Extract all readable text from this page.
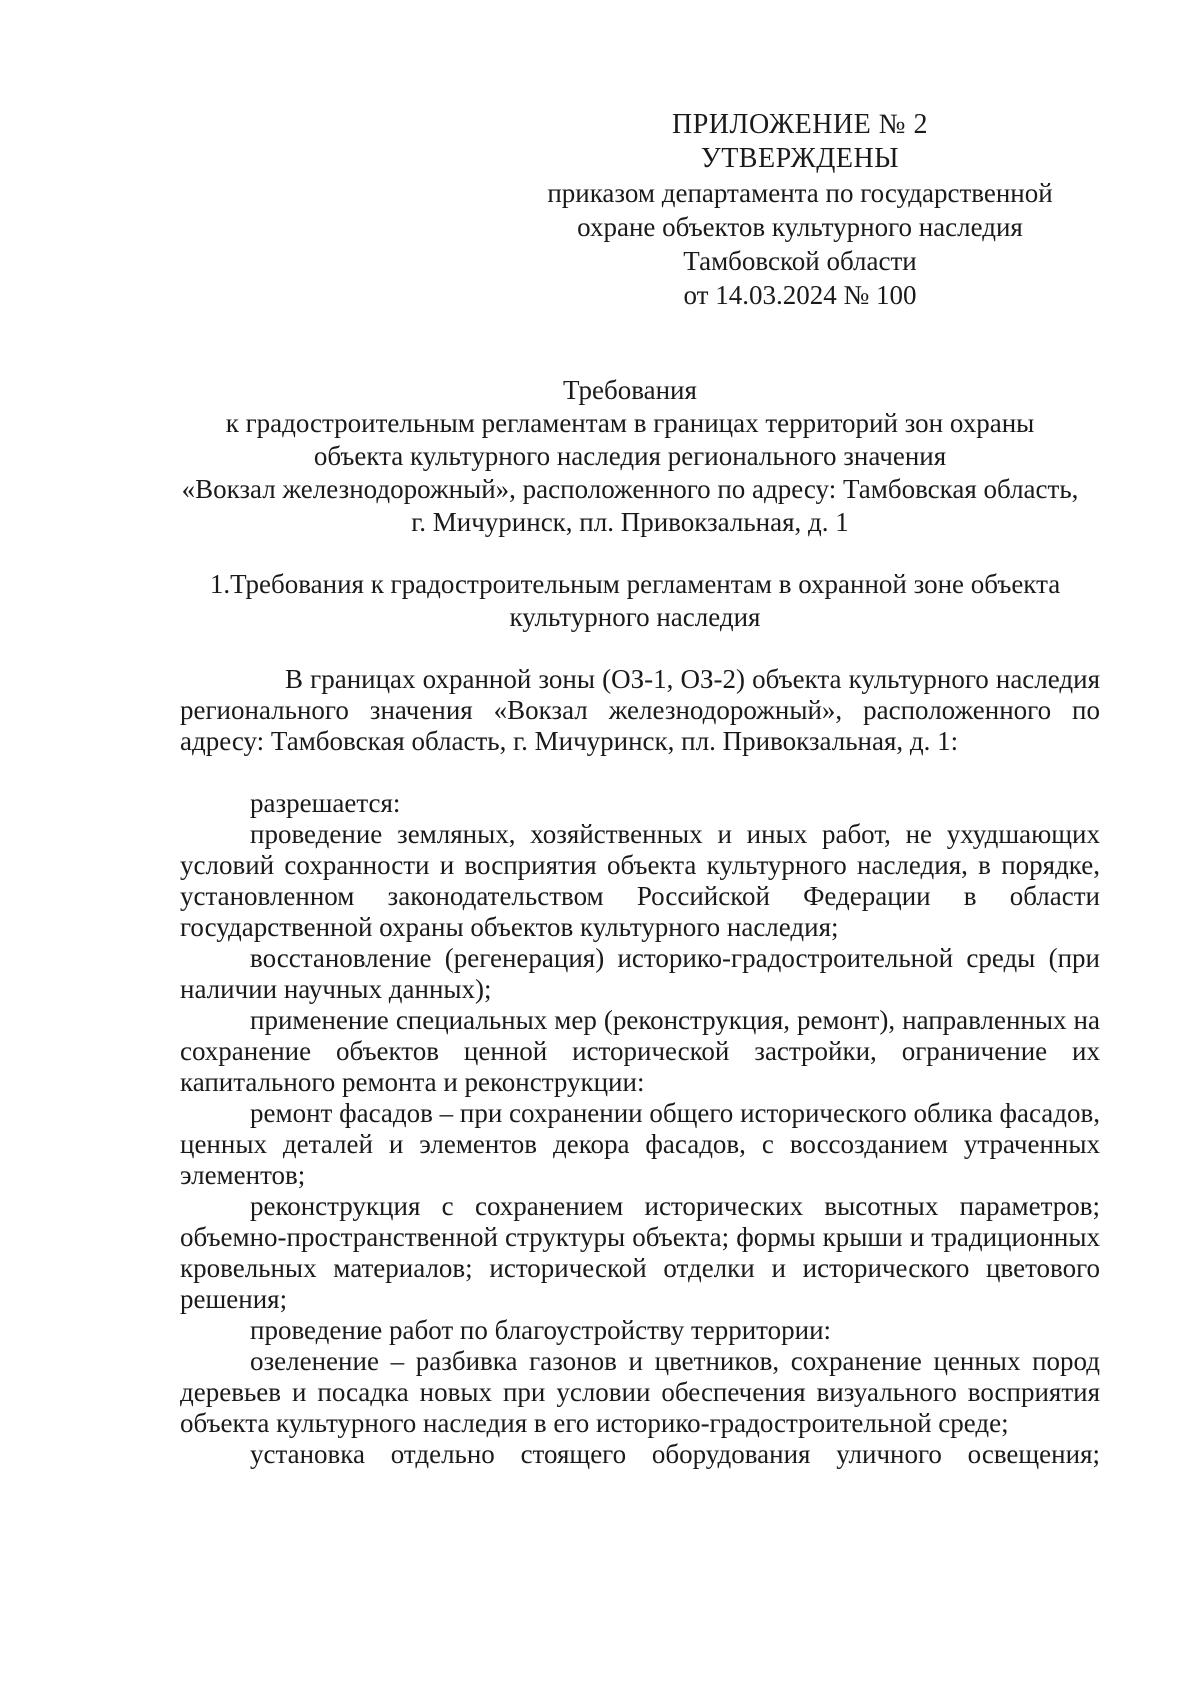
ПРИЛОЖЕНИЕ № 2
УТВЕРЖДЕНЫ
приказом департамента по государственной
охране объектов культурного наследия
Тамбовской области
от 14.03.2024 № 100
Требования
к градостроительным регламентам в границах территорий зон охраны
объекта культурного наследия регионального значения
«Вокзал железнодорожный», расположенного по адресу: Тамбовская область,
г. Мичуринск, пл. Привокзальная, д. 1
1.Требования к градостроительным регламентам в охранной зоне объекта
культурного наследия

В границах охранной зоны (ОЗ-1, ОЗ-2) объекта культурного наследия регионального значения «Вокзал железнодорожный», расположенного по адресу: Тамбовская область, г. Мичуринск, пл. Привокзальная, д. 1:

разрешается:

проведение земляных, хозяйственных и иных работ, не ухудшающих условий сохранности и восприятия объекта культурного наследия, в порядке, установленном законодательством Российской Федерации в области государственной охраны объектов культурного наследия;

восстановление (регенерация) историко-градостроительной среды (при наличии научных данных);

применение специальных мер (реконструкция, ремонт), направленных на сохранение объектов ценной исторической застройки, ограничение их капитального ремонта и реконструкции:

ремонт фасадов – при сохранении общего исторического облика фасадов, ценных деталей и элементов декора фасадов, с воссозданием утраченных элементов;

реконструкция с сохранением исторических высотных параметров; объемно-пространственной структуры объекта; формы крыши и традиционных кровельных материалов; исторической отделки и исторического цветового решения;

проведение работ по благоустройству территории:

озеленение – разбивка газонов и цветников, сохранение ценных пород деревьев и посадка новых при условии обеспечения визуального восприятия объекта культурного наследия в его историко-градостроительной среде;

установка отдельно стоящего оборудования уличного освещения;
